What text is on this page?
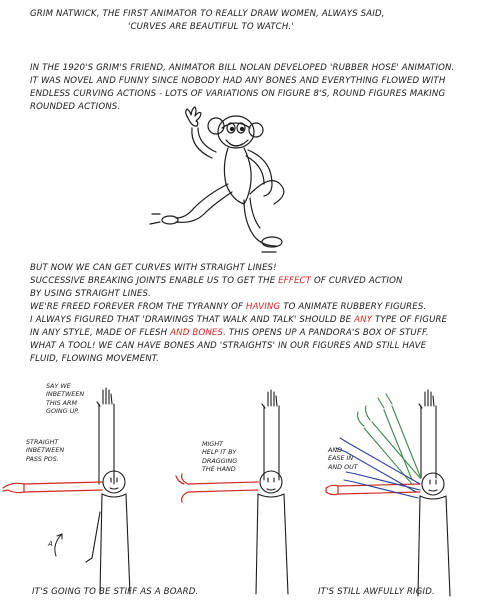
GRIM NATWICK, THE FIRST ANIMATOR TO REALLY DRAW WOMEN, ALWAYS SAID,
'CURVES ARE BEAUTIFUL TO WATCH.'
IN THE 1920'S GRIM'S FRIEND, ANIMATOR BILL NOLAN DEVELOPED 'RUBBER HOSE' ANIMATION.
IT WAS NOVEL AND FUNNY SINCE NOBODY HAD ANY BONES AND EVERYTHING FLOWED WITH
ENDLESS CURVING ACTIONS - LOTS OF VARIATIONS ON FIGURE 8'S, ROUND FIGURES MAKING
ROUNDED ACTIONS.
BUT NOW WE CAN GET CURVES WITH STRAIGHT LINES!
SUCCESSIVE BREAKING JOINTS ENABLE US TO GET THE EFFECT OF CURVED ACTION
BY USING STRAIGHT LINES.
WE'RE FREED FOREVER FROM THE TYRANNY OF HAVING TO ANIMATE RUBBERY FIGURES.
I ALWAYS FIGURED THAT 'DRAWINGS THAT WALK AND TALK' SHOULD BE ANY TYPE OF FIGURE
IN ANY STYLE, MADE OF FLESH AND BONES. THIS OPENS UP A PANDORA'S BOX OF STUFF.
WHAT A TOOL! WE CAN HAVE BONES AND 'STRAIGHTS' IN OUR FIGURES AND STILL HAVE
FLUID, FLOWING MOVEMENT.
SAY WE
INBETWEEN
THIS ARM
GOING UP.
STRAIGHT
INBETWEEN
PASS POS.
A
MIGHT
HELP IT BY
DRAGGING
THE HAND
AND
EASE IN
AND OUT
IT'S GOING TO BE STIFF AS A BOARD.	IT'S STILL AWFULLY RIGID.
